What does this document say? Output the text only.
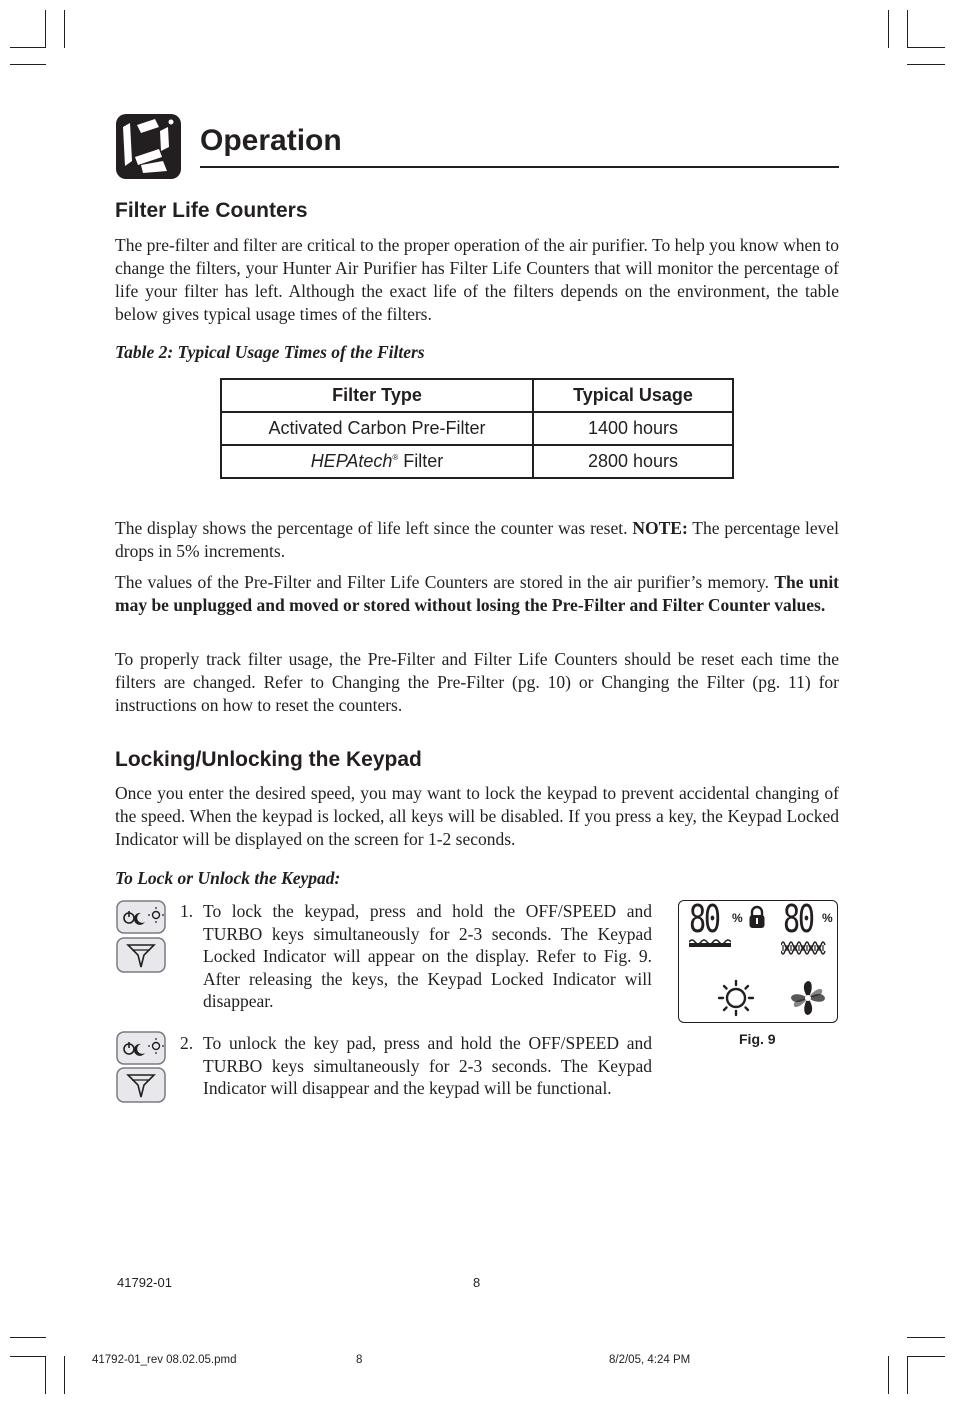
Operation
Filter Life Counters

The pre-filter and filter are critical to the proper operation of the air purifier. To help you know when to change the filters, your Hunter Air Purifier has Filter Life Counters that will monitor the percentage of life your filter has left. Although the exact life of the filters depends on the environment, the table below gives typical usage times of the filters.

Table 2: Typical Usage Times of the Filters

Filter Type	Typical Usage
Activated Carbon Pre-Filter	1400 hours
HEPAtech® Filter	2800 hours

The display shows the percentage of life left since the counter was reset. NOTE: The percentage level drops in 5% increments.

The values of the Pre-Filter and Filter Life Counters are stored in the air purifier’s memory. The unit may be unplugged and moved or stored without losing the Pre-Filter and Filter Counter values.

To properly track filter usage, the Pre-Filter and Filter Life Counters should be reset each time the filters are changed. Refer to Changing the Pre-Filter (pg. 10) or Changing the Filter (pg. 11) for instructions on how to reset the counters.

Locking/Unlocking the Keypad

Once you enter the desired speed, you may want to lock the keypad to prevent accidental changing of the speed. When the keypad is locked, all keys will be disabled. If you press a key, the Keypad Locked Indicator will be displayed on the screen for 1-2 seconds.

To Lock or Unlock the Keypad:

1. To lock the keypad, press and hold the OFF/SPEED and TURBO keys simultaneously for 2-3 seconds. The Keypad Locked Indicator will appear on the display. Refer to Fig. 9. After releasing the keys, the Keypad Locked Indicator will disappear.
2. To unlock the key pad, press and hold the OFF/SPEED and TURBO keys simultaneously for 2-3 seconds. The Keypad Indicator will disappear and the keypad will be functional.
80 % 80 %
Fig. 9
41792-01	8
41792-01_rev 08.02.05.pmd	8	8/2/05, 4:24 PM
